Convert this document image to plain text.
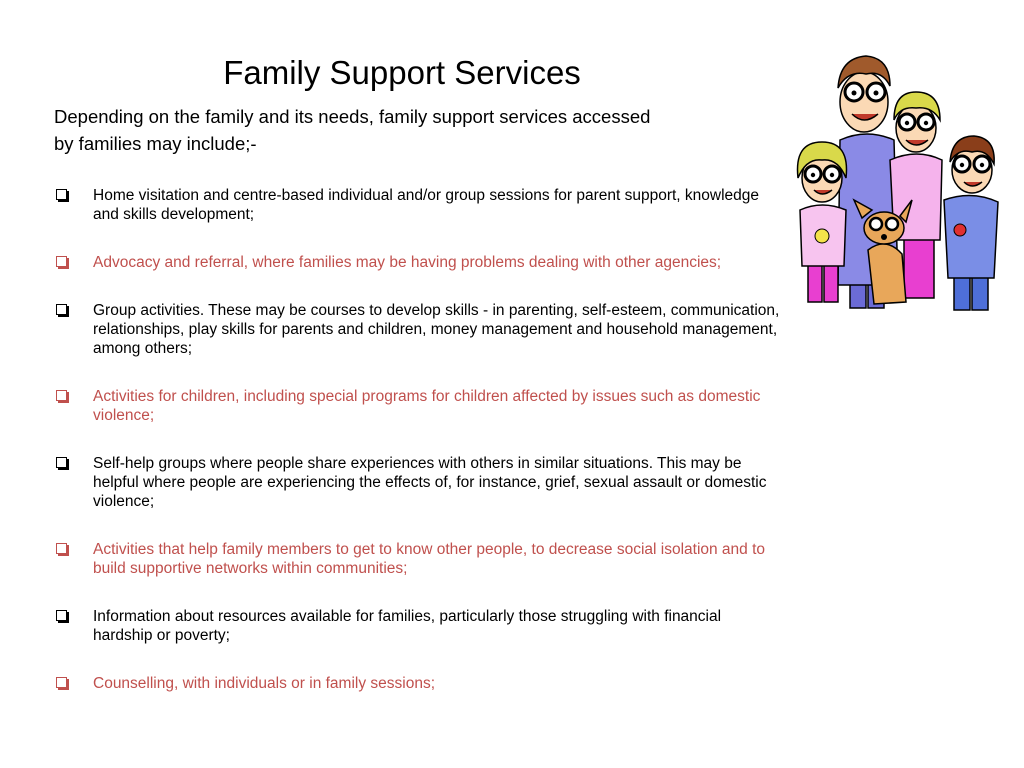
Family Support Services

Depending on the family and its needs, family support services accessed
by families may include;-

Home visitation and centre-based individual and/or group sessions for parent support, knowledge and skills development;
Advocacy and referral, where families may be having problems dealing with other agencies;
Group activities. These may be courses to develop skills - in parenting, self-esteem, communication, relationships, play skills for parents and children, money management and household management, among others;
Activities for children, including special programs for children affected by issues such as domestic violence;
Self-help groups where people share experiences with others in similar situations. This may be helpful where people are experiencing the effects of, for instance, grief, sexual assault or domestic violence;
Activities that help family members to get to know other people, to decrease social isolation and to build supportive networks within communities;
Information about resources available for families, particularly those struggling with financial hardship or poverty;
Counselling, with individuals or in family sessions;
